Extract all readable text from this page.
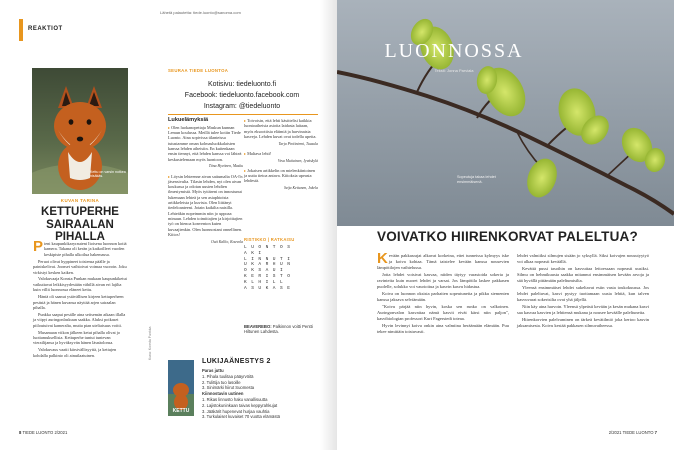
REAKTIOT
Lähetä palautetta: tiede.luonto@sanoma.com
Kettu on varsin notkea nisäkäs.
KUVAN TARINA
KETTUPERHE SAIRAALAN PIHALLA

Pieni kaupunkikaryrauteni Itoisena luonnon kotiä kamera. Takana oli kerän ja katkoilleet vuoden keskipiste pihalla ulkoilua hakemassa.

Peruot olivat hyppineet toisiensa päälle ja painiskelivat. Joonset vaihtoivat voimaa vuoroin. Joku virkistyi kesken kaiken.

Valokuvaaja Konsta Punkan mukaan kaupunkiketut vaikuttavat leikkisyydestään vähillä aivan eri lajilta kuin villit luonnossa eläneet kettu.

Häntä oli saanut ystävällisen kirjeen kettuperheen pesästä ja hänen kuvansa näyttää arjen sairaalan pihalla.

Punkka saapui pesälle aina seitsemän aikaan illalla ja viipyi auringonlaskuun saakka. Aluksi poikaset piiloutuivat kameralta, mutta pian uteliaisuus voitti.

Musamaan viikon jälkeen ketut pihalla olivat jo luottamuksellisia. Kettuperhe tuntui tuntevan vierailijansa ja hyväksyvän hänen läsnäolonsa.

Valokuvaus vaatii kärsivällisyyttä, ja kettujen kohdalla palkinto oli ainutlaatuinen.	Kuva: Konsta Punkka
SEURAA TIEDE LUONTOA
Kotisivu: tiedeluonto.fi
Facebook: tiedeluonto.facebook.com
Instagram: @tiedeluonto
Lukuelämyksiä

▸ Olen luokanopettaja Maskun kunnan Lemun koulussa. Meillä tulee kotiin Tiede Luonto. Aina sopivissa tilanteissa tutustamme oman kolmasluokkalaisten kanssa lehden aiheisiin. En kuitenkaan ensin tiennyt, että lehden kanssa voi lähteä keskustelemaan myös luontoon.

Tiina Hyvönen, Masku

▸ Löysin lehteenne aivan sattumalta OA-l'n jäsensivulta. Tilasin lehden, nyt olen aivan koukussa ja odotan uusien lehdien ilmestymistä. Myös tyttäreni on innostunut lukemaan lehteä ja sen asiaphtoista artikkeleista ja kuvista. Olen liittänyt tiedeloanteeni. Jotain kaikilta naisilla. Lehteäkin nopeimmin niin jo uppoaa minuun. Lehden toimittajien ja kirjoittajien työ on hienoa konventon kuten kuvaajienkin. Olen luonnostani onnellinen. Kiitos!

Outi Kallio, Kouvola

▸ Toivoisin, että lehti käsittelisi kaikkia luontoaiheisia asioita laidasta laitaan, myös eksoottisia eläimiä ja harvinaisia kasveja. Lehden kuvat ovat todella upeita.

Tarja Pirttiniemi, Tuusula

▸ Maltava lehti!

Vesa Mutiainen, Jyväskylä

▸ Jokaisen artikkelin on mielenkiintoinen ja uutta tietoa antava. Kiitoksia upeasta lehdestä.

Seija Kettunen, Jokela
RISTIKKO | RATKAISU
L U O N T O S
A K I
L I N N U T I
U K A R H U N
O K S A U I
K E R I S T O
K L H I L L
A S U K A S E
BEAVEREBO: Palkinnon voitti Pentti Hiltunen Lahdesta.
KETTU
LUKIJAÄNESTYS 2
Paras juttu
1. Pihala tuulitaa pääyrvöitä
2. Tulittija tuo lasoille
3. Sinimärki hiirut Suomesta
Kiinnostavin uutinen
1. Rikas linnusto haku vanallisuutta
2. Lajistokuninkaan taivas keppyrahkujat
3. Jääkärit hupenevat hurjaa vauhtia
3. Turkulaiset kuvaiset 70 vuotta elämästä
8 TIEDE LUONTO 2/2021
LUONNOSSA
Teksti: Jonna Parviala
Sopeutuja takaa lehdet ensimmäisenä.
VOIVATKO HIIRENKORVAT PALELTUA?

Kevään pakkasrajat alkavat korkeina, ettei tunneissa kylmyys iske ja koiva kohtaa. Tämä taistelee kevään kanssa nousevien lämpötilojen vaihtelussa.

Jotta lehdet voisivat kasvaa, niiden täytyy varastoida sokeria ja ravinteita kuin nuoret lehdet ja varsat. Jos lämpötila laskee pakkasen puolelle, solukko voi vaurioitua ja kasvin kasvu hidastua.

Koiva on luonnon oksista parhaiten sopeutuneita ja pikku siementen kanssa jaksava selviämään.

"Koivu pärjää niin hyvin, koska sen runko on valkoinen. Auringonvalon kasvattaa nämä kasvit eivät kärsi niin paljon", kasvibiologian professori Kurt Fagerstedt toteaa.

Hyvin levinnyt koivu onkin aina valmiina heräämään elämään. Puu tekee nimittäin toistuvasti.

lehdet valmiiksi silmujen sisään jo syksyllä. Siksi koivujen nousutyytyö voi alkaa nopeasti keväällä.

Kevättä pussi tasoihin on kasvuttaa leitoessaan nopeasti uusiksi. Silmu on hehmikuusta saakka mitannut ensimmäisen kevään arvoja ja sää hyvällä pittämään paleltumisilta.

Yleensä ensimmäiset lehdet sukeltavat esiin vasta toukokuussa. Jos lehdet paleltuvat, kasvi pystyy tuottamaan uusia lehtiä, kun talven kasvuvarat sokerisilta ovat yhä jäljellä.

Niin käy aina harvoin. Yleensä ylpeästi kevään ja kesän mukana kasvi saa kasvaa kasvien ja lehtiensä mukana ja nousee keväälle paleltuneita.

Hiirenkorvien palelvaminen on tärkeä kevätilmiö joka kertoo kasvin jaksamisesta. Koivu kestää pakkasen silmuvaiheessa.

2/2021 TIEDE LUONTO 7
